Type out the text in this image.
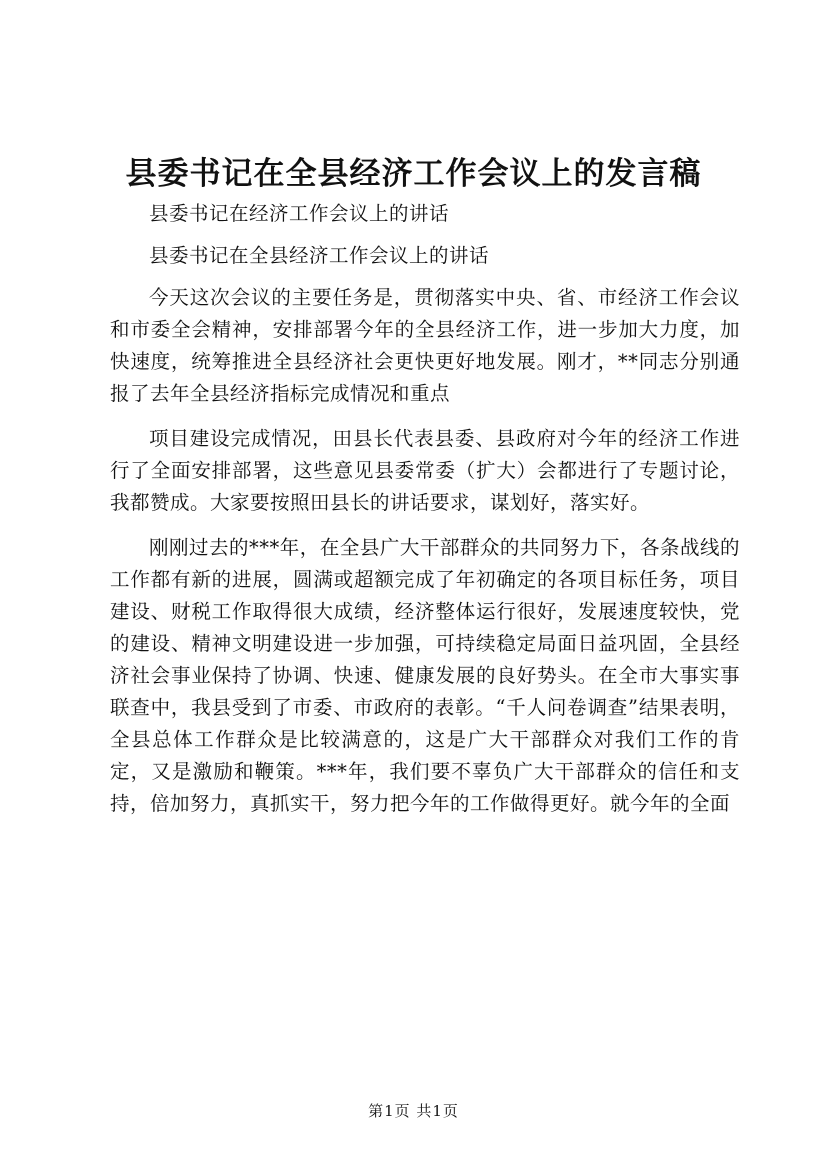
县委书记在全县经济工作会议上的发言稿

县委书记在经济工作会议上的讲话

县委书记在全县经济工作会议上的讲话

今天这次会议的主要任务是，贯彻落实中央、省、市经济工作会议和市委全会精神，安排部署今年的全县经济工作，进一步加大力度，加快速度，统筹推进全县经济社会更快更好地发展。刚才，**同志分别通报了去年全县经济指标完成情况和重点

项目建设完成情况，田县长代表县委、县政府对今年的经济工作进行了全面安排部署，这些意见县委常委（扩大）会都进行了专题讨论，我都赞成。大家要按照田县长的讲话要求，谋划好，落实好。

刚刚过去的***年，在全县广大干部群众的共同努力下，各条战线的工作都有新的进展，圆满或超额完成了年初确定的各项目标任务，项目建设、财税工作取得很大成绩，经济整体运行很好，发展速度较快，党的建设、精神文明建设进一步加强，可持续稳定局面日益巩固，全县经济社会事业保持了协调、快速、健康发展的良好势头。在全市大事实事联查中，我县受到了市委、市政府的表彰。“千人问卷调查”结果表明，全县总体工作群众是比较满意的，这是广大干部群众对我们工作的肯定，又是激励和鞭策。***年，我们要不辜负广大干部群众的信任和支持，倍加努力，真抓实干，努力把今年的工作做得更好。就今年的全面

第1页 共1页
